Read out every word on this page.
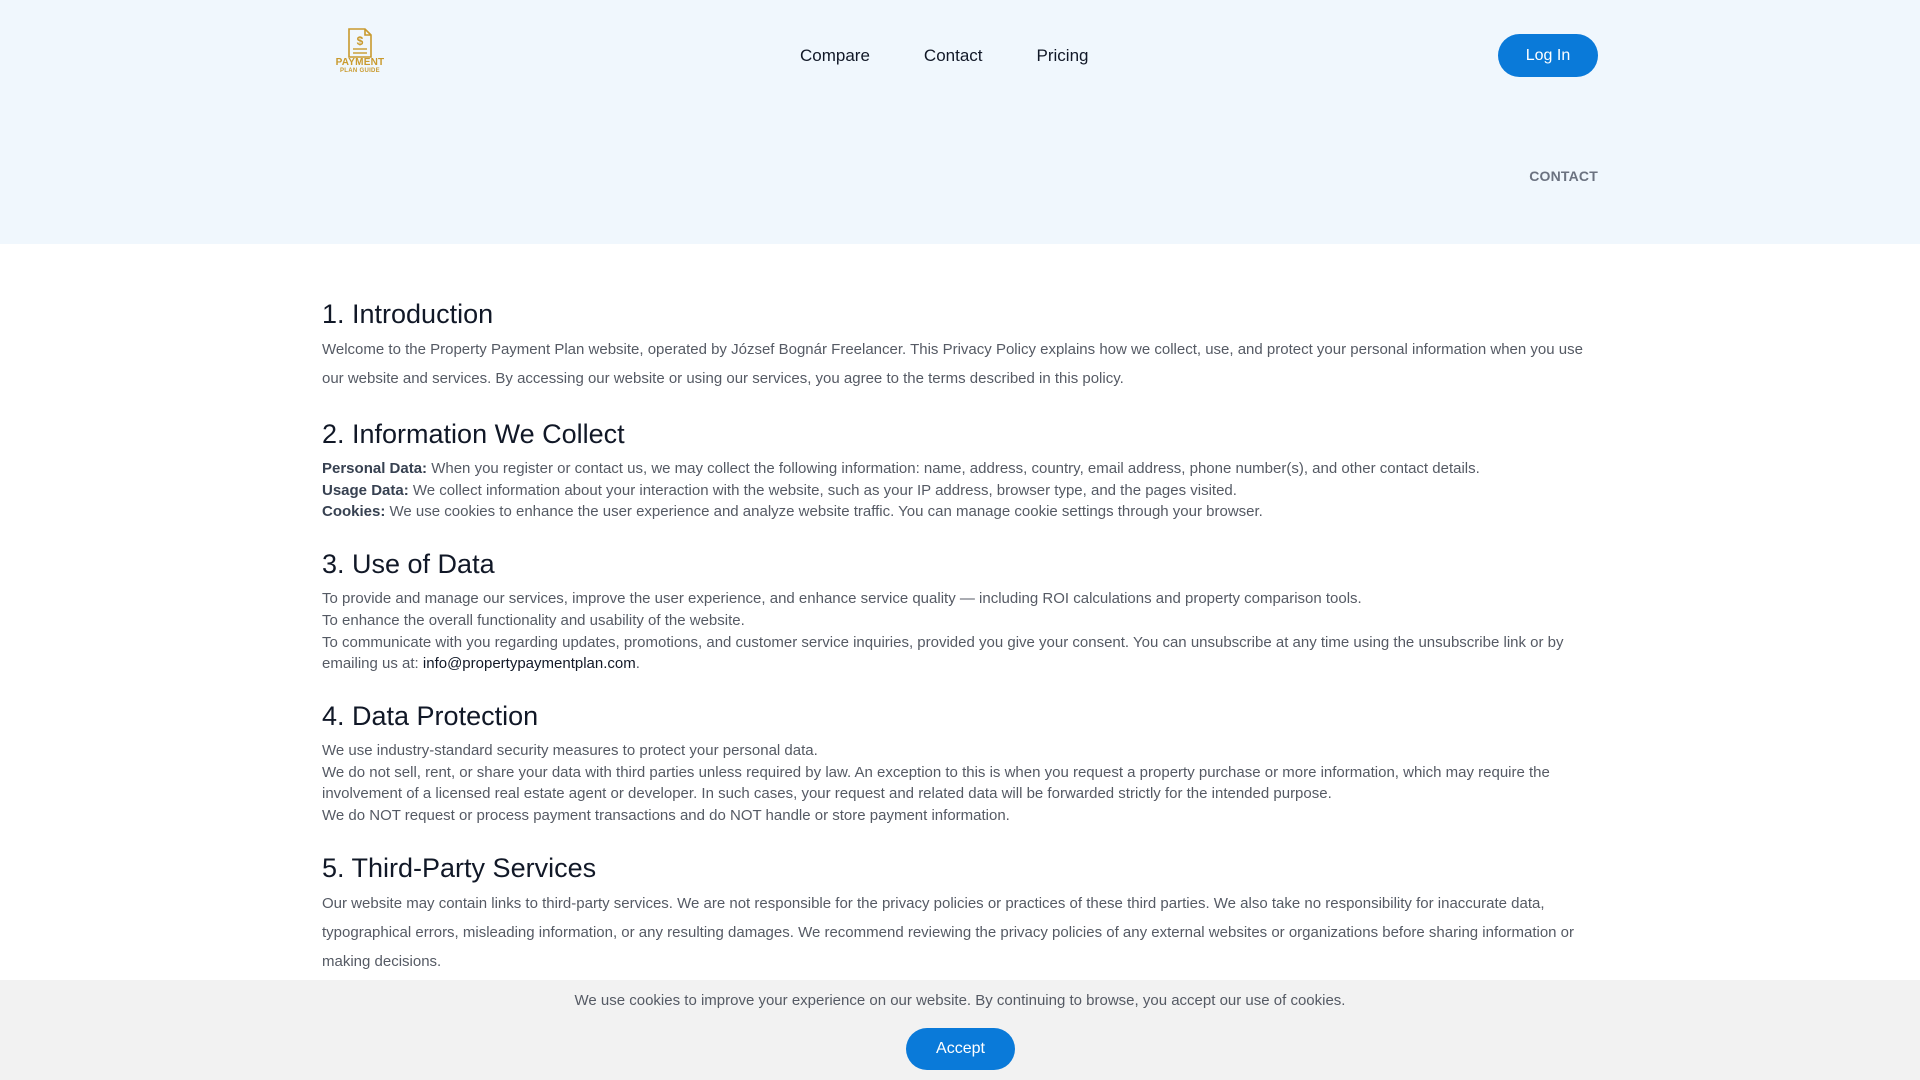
$
PAYMENT
PLAN GUIDE
Compare	Contact	Pricing	Log In
CONTACT
1. Introduction

Welcome to the Property Payment Plan website, operated by József Bognár Freelancer. This Privacy Policy explains how we collect, use, and protect your personal information when you use our website and services. By accessing our website or using our services, you agree to the terms described in this policy.

2. Information We Collect

Personal Data: When you register or contact us, we may collect the following information: name, address, country, email address, phone number(s), and other contact details.

Usage Data: We collect information about your interaction with the website, such as your IP address, browser type, and the pages visited.

Cookies: We use cookies to enhance the user experience and analyze website traffic. You can manage cookie settings through your browser.

3. Use of Data

To provide and manage our services, improve the user experience, and enhance service quality — including ROI calculations and property comparison tools.

To enhance the overall functionality and usability of the website.

To communicate with you regarding updates, promotions, and customer service inquiries, provided you give your consent. You can unsubscribe at any time using the unsubscribe link or by emailing us at: info@propertypaymentplan.com.

4. Data Protection

We use industry-standard security measures to protect your personal data.

We do not sell, rent, or share your data with third parties unless required by law. An exception to this is when you request a property purchase or more information, which may require the involvement of a licensed real estate agent or developer. In such cases, your request and related data will be forwarded strictly for the intended purpose.

We do NOT request or process payment transactions and do NOT handle or store payment information.

5. Third-Party Services

Our website may contain links to third-party services. We are not responsible for the privacy policies or practices of these third parties. We also take no responsibility for inaccurate data, typographical errors, misleading information, or any resulting damages. We recommend reviewing the privacy policies of any external websites or organizations before sharing information or making decisions.

We use cookies to improve your experience on our website. By continuing to browse, you accept our use of cookies.
Accept
